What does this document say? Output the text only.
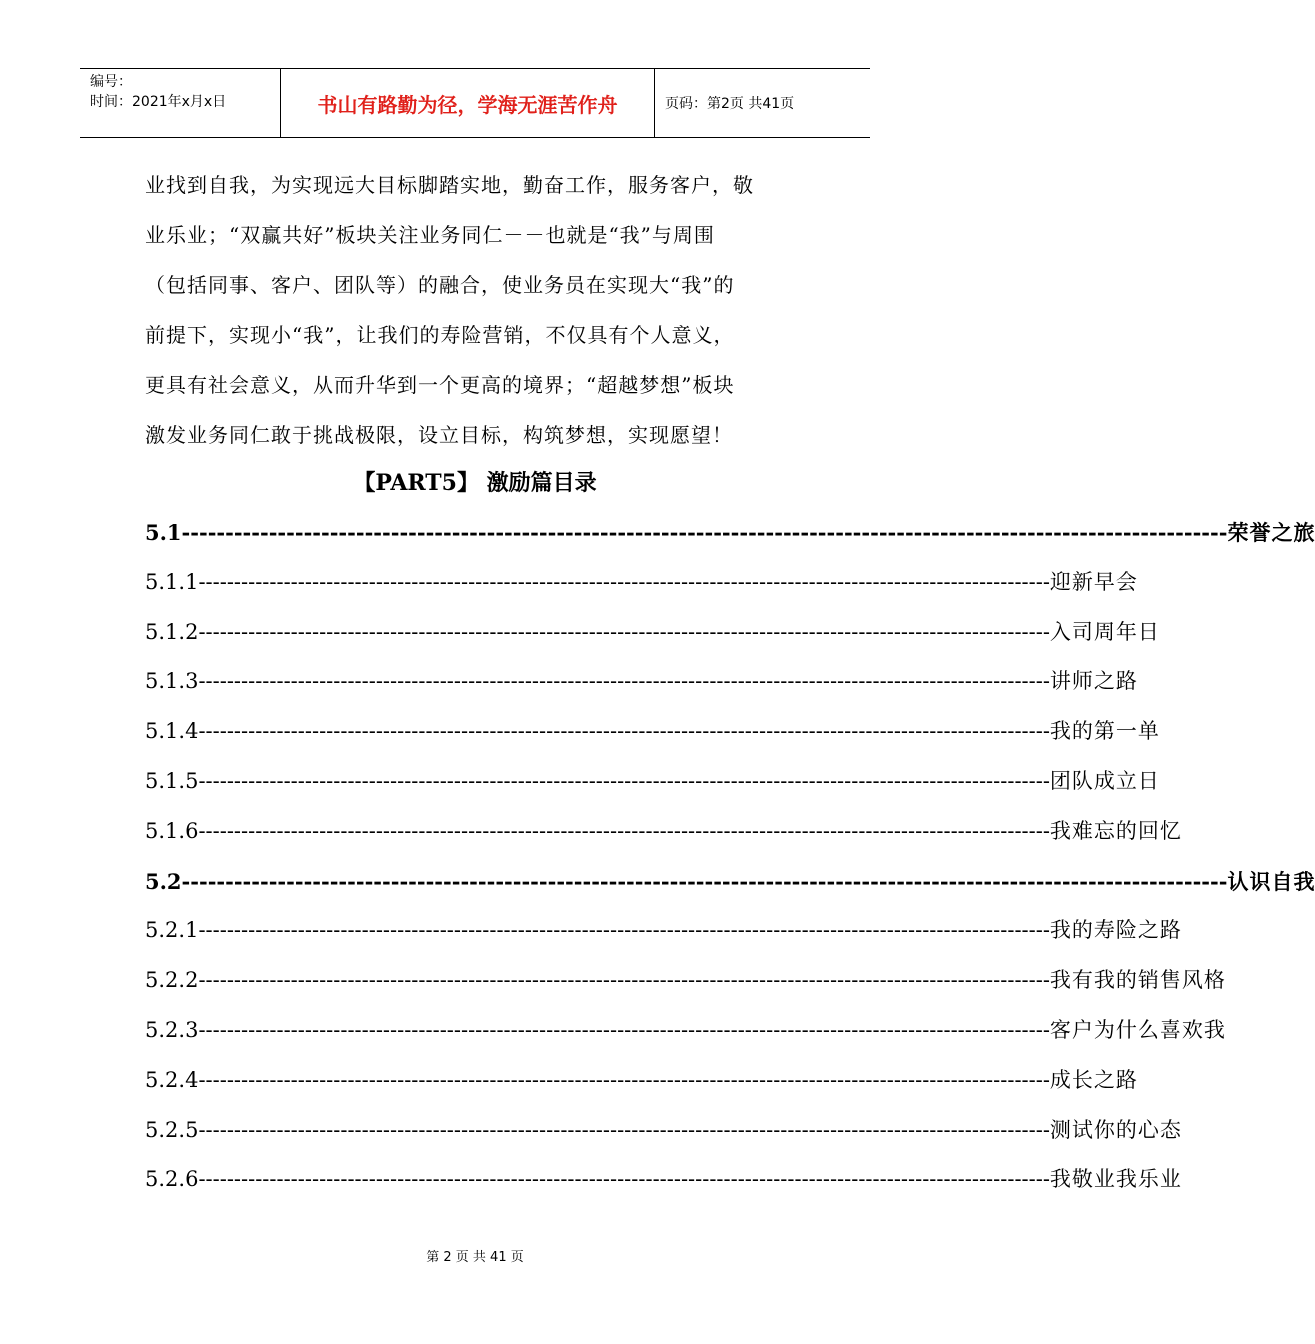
编号：
时间：2021年x月x日	书山有路勤为径，学海无涯苦作舟	页码：第2页 共41页
业找到自我，为实现远大目标脚踏实地，勤奋工作，服务客户，敬
业乐业；“双赢共好”板块关注业务同仁－－也就是“我”与周围
（包括同事、客户、团队等）的融合，使业务员在实现大“我”的
前提下，实现小“我”，让我们的寿险营销，不仅具有个人意义，
更具有社会意义，从而升华到一个更高的境界；“超越梦想”板块
激发业务同仁敢于挑战极限，设立目标，构筑梦想，实现愿望！
【PART5】 激励篇目录
5.1 ------------------------------------------------------------------------------------------------------------------------ 荣誉之旅
5.1.1 ------------------------------------------------------------------------------------------------------------------------ 迎新早会
5.1.2 ------------------------------------------------------------------------------------------------------------------------ 入司周年日
5.1.3 ------------------------------------------------------------------------------------------------------------------------ 讲师之路
5.1.4 ------------------------------------------------------------------------------------------------------------------------ 我的第一单
5.1.5 ------------------------------------------------------------------------------------------------------------------------ 团队成立日
5.1.6 ------------------------------------------------------------------------------------------------------------------------ 我难忘的回忆
5.2 ------------------------------------------------------------------------------------------------------------------------ 认识自我
5.2.1 ------------------------------------------------------------------------------------------------------------------------ 我的寿险之路
5.2.2 ------------------------------------------------------------------------------------------------------------------------ 我有我的销售风格
5.2.3 ------------------------------------------------------------------------------------------------------------------------ 客户为什么喜欢我
5.2.4 ------------------------------------------------------------------------------------------------------------------------ 成长之路
5.2.5 ------------------------------------------------------------------------------------------------------------------------ 测试你的心态
5.2.6 ------------------------------------------------------------------------------------------------------------------------ 我敬业我乐业
第 2 页 共 41 页
